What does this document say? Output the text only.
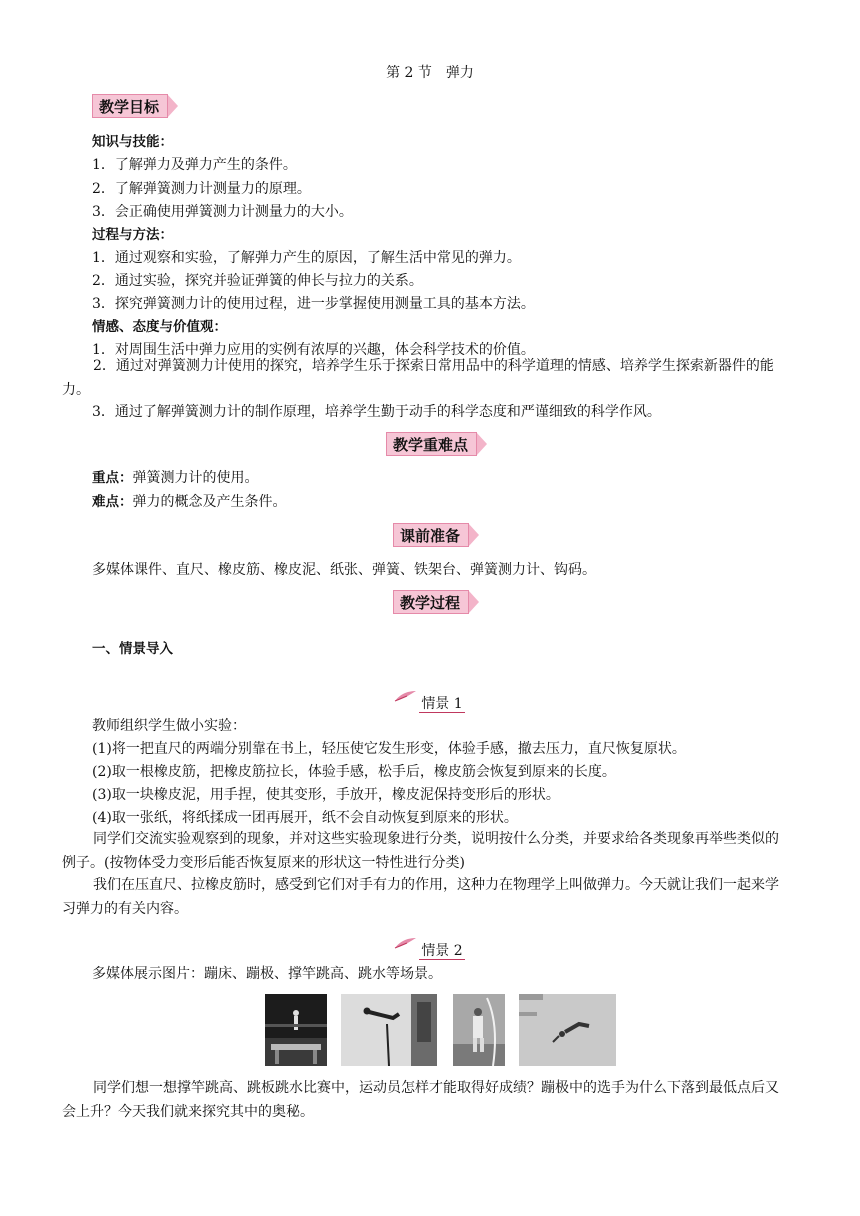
第 2 节 弹力
教学目标
知识与技能：
1．了解弹力及弹力产生的条件。
2．了解弹簧测力计测量力的原理。
3．会正确使用弹簧测力计测量力的大小。
过程与方法：
1．通过观察和实验，了解弹力产生的原因，了解生活中常见的弹力。
2．通过实验，探究并验证弹簧的伸长与拉力的关系。
3．探究弹簧测力计的使用过程，进一步掌握使用测量工具的基本方法。
情感、态度与价值观：
1．对周围生活中弹力应用的实例有浓厚的兴趣，体会科学技术的价值。
2．通过对弹簧测力计使用的探究，培养学生乐于探索日常用品中的科学道理的情感、培养学生探索新器件的能力。
3．通过了解弹簧测力计的制作原理，培养学生勤于动手的科学态度和严谨细致的科学作风。
教学重难点
重点：弹簧测力计的使用。
难点：弹力的概念及产生条件。
课前准备
多媒体课件、直尺、橡皮筋、橡皮泥、纸张、弹簧、铁架台、弹簧测力计、钩码。
教学过程
一、情景导入
情景 1
教师组织学生做小实验：
(1)将一把直尺的两端分别靠在书上，轻压使它发生形变，体验手感，撤去压力，直尺恢复原状。
(2)取一根橡皮筋，把橡皮筋拉长，体验手感，松手后，橡皮筋会恢复到原来的长度。
(3)取一块橡皮泥，用手捏，使其变形，手放开，橡皮泥保持变形后的形状。
(4)取一张纸，将纸揉成一团再展开，纸不会自动恢复到原来的形状。
同学们交流实验观察到的现象，并对这些实验现象进行分类，说明按什么分类，并要求给各类现象再举些类似的例子。(按物体受力变形后能否恢复原来的形状这一特性进行分类)
我们在压直尺、拉橡皮筋时，感受到它们对手有力的作用，这种力在物理学上叫做弹力。今天就让我们一起来学习弹力的有关内容。
情景 2
多媒体展示图片：蹦床、蹦极、撑竿跳高、跳水等场景。
同学们想一想撑竿跳高、跳板跳水比赛中，运动员怎样才能取得好成绩？蹦极中的选手为什么下落到最低点后又会上升？今天我们就来探究其中的奥秘。
